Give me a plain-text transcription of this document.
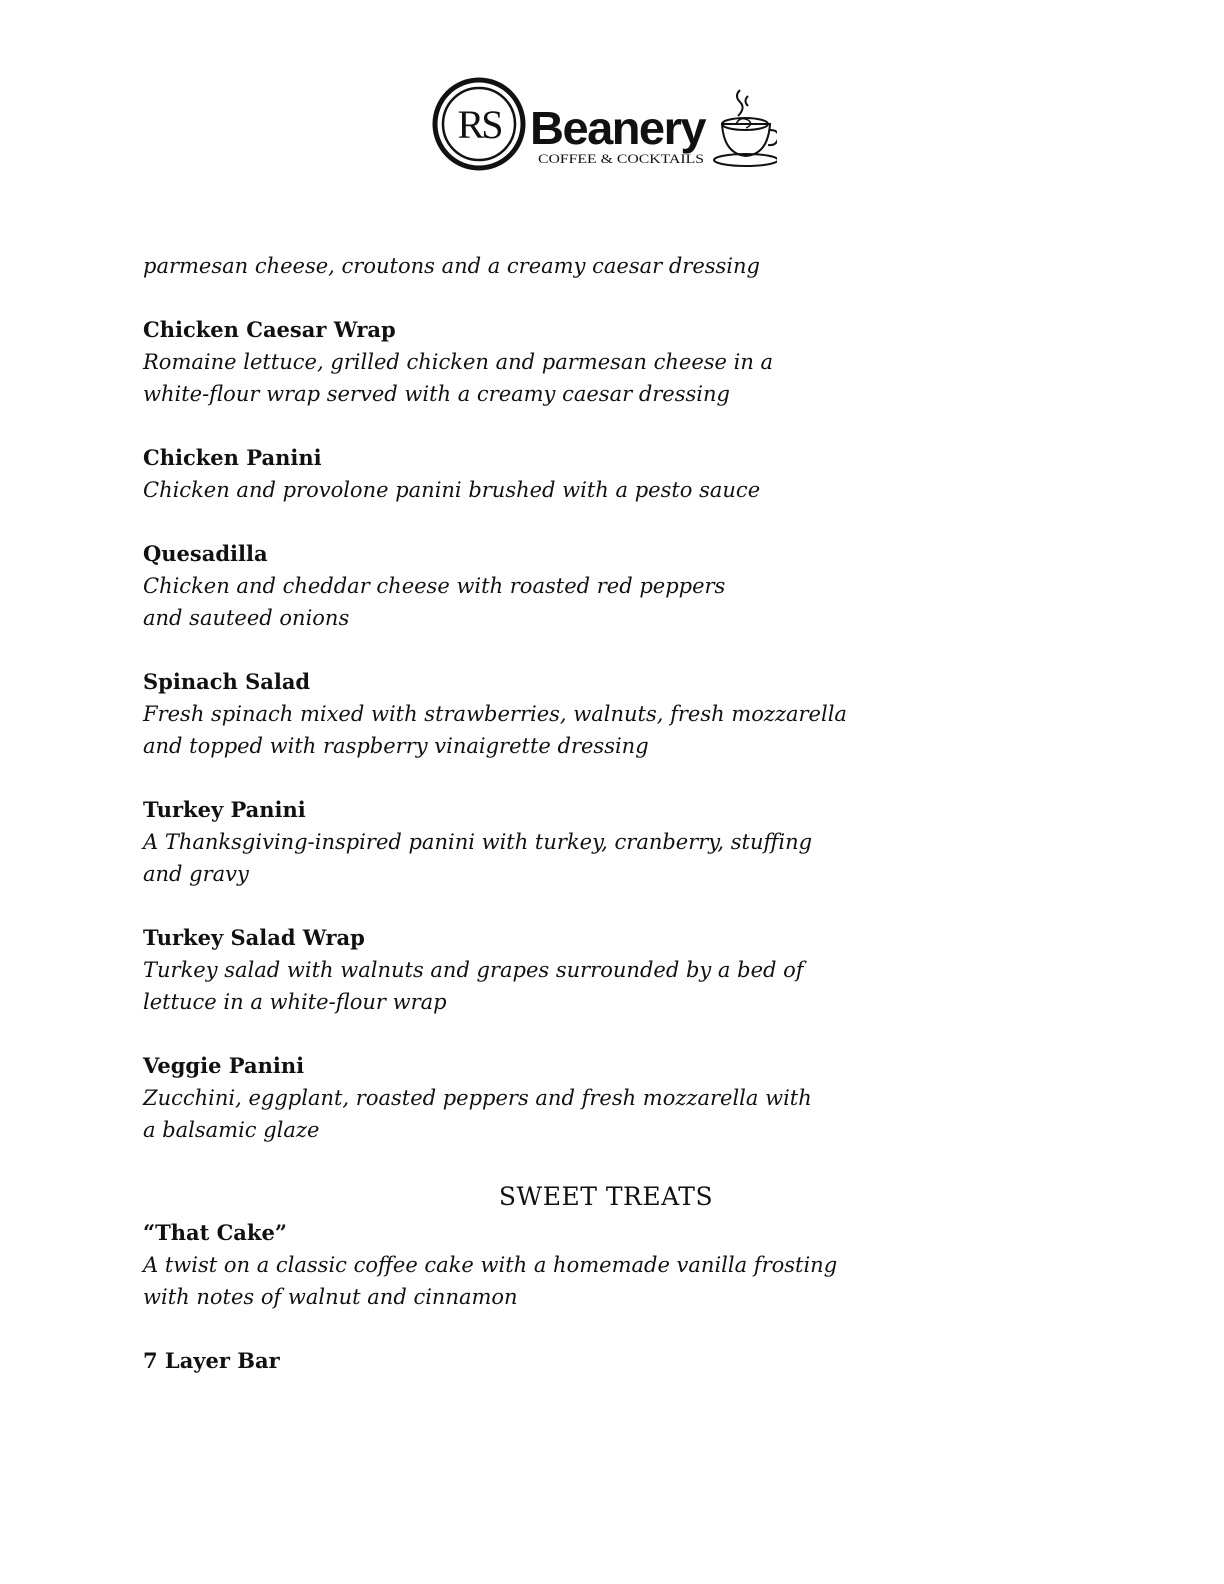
RS Beanery
COFFEE & COCKTAILS
parmesan cheese, croutons and a creamy caesar dressing
Chicken Caesar Wrap
Romaine lettuce, grilled chicken and parmesan cheese in a
white-flour wrap served with a creamy caesar dressing
Chicken Panini
Chicken and provolone panini brushed with a pesto sauce
Quesadilla
Chicken and cheddar cheese with roasted red peppers
and sauteed onions
Spinach Salad
Fresh spinach mixed with strawberries, walnuts, fresh mozzarella
and topped with raspberry vinaigrette dressing
Turkey Panini
A Thanksgiving-inspired panini with turkey, cranberry, stuffing
and gravy
Turkey Salad Wrap
Turkey salad with walnuts and grapes surrounded by a bed of
lettuce in a white-flour wrap
Veggie Panini
Zucchini, eggplant, roasted peppers and fresh mozzarella with
a balsamic glaze
SWEET TREATS
“That Cake”
A twist on a classic coffee cake with a homemade vanilla frosting
with notes of walnut and cinnamon
7 Layer Bar
